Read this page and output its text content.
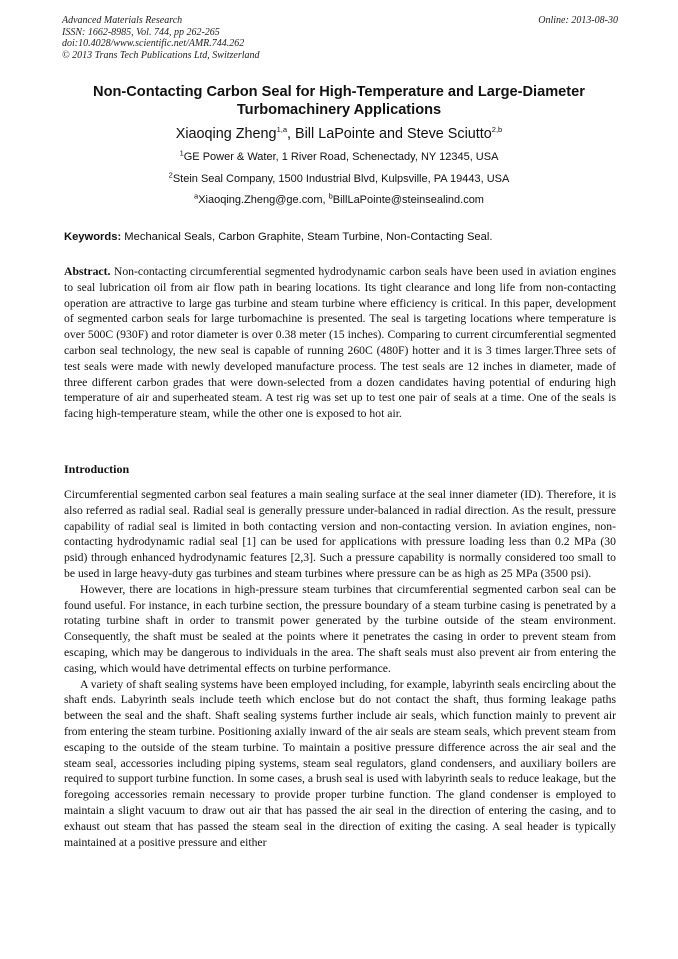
Advanced Materials Research
ISSN: 1662-8985, Vol. 744, pp 262-265
doi:10.4028/www.scientific.net/AMR.744.262
© 2013 Trans Tech Publications Ltd, Switzerland
Online: 2013-08-30
Non-Contacting Carbon Seal for High-Temperature and Large-Diameter Turbomachinery Applications
Xiaoqing Zheng$^{1,a}$, Bill LaPointe and Steve Sciutto$^{2,b}$
$^1$GE Power & Water, 1 River Road, Schenectady, NY 12345, USA
$^2$Stein Seal Company, 1500 Industrial Blvd, Kulpsville, PA 19443, USA
$^a$Xiaoqing.Zheng@ge.com, $^b$BillLaPointe@steinsealind.com
Keywords: Mechanical Seals, Carbon Graphite, Steam Turbine, Non-Contacting Seal.

Abstract. Non-contacting circumferential segmented hydrodynamic carbon seals have been used in aviation engines to seal lubrication oil from air flow path in bearing locations. Its tight clearance and long life from non-contacting operation are attractive to large gas turbine and steam turbine where efficiency is critical. In this paper, development of segmented carbon seals for large turbomachine is presented. The seal is targeting locations where temperature is over 500C (930F) and rotor diameter is over 0.38 meter (15 inches). Comparing to current circumferential segmented carbon seal technology, the new seal is capable of running 260C (480F) hotter and it is 3 times larger.Three sets of test seals were made with newly developed manufacture process. The test seals are 12 inches in diameter, made of three different carbon grades that were down-selected from a dozen candidates having potential of enduring high temperature of air and superheated steam. A test rig was set up to test one pair of seals at a time. One of the seals is facing high-temperature steam, while the other one is exposed to hot air.

Introduction

Circumferential segmented carbon seal features a main sealing surface at the seal inner diameter (ID). Therefore, it is also referred as radial seal. Radial seal is generally pressure under-balanced in radial direction. As the result, pressure capability of radial seal is limited in both contacting version and non-contacting version. In aviation engines, non-contacting hydrodynamic radial seal [1] can be used for applications with pressure loading less than 0.2 MPa (30 psid) through enhanced hydrodynamic features [2,3]. Such a pressure capability is normally considered too small to be used in large heavy-duty gas turbines and steam turbines where pressure can be as high as 25 MPa (3500 psi).

However, there are locations in high-pressure steam turbines that circumferential segmented carbon seal can be found useful. For instance, in each turbine section, the pressure boundary of a steam turbine casing is penetrated by a rotating turbine shaft in order to transmit power generated by the turbine outside of the steam environment. Consequently, the shaft must be sealed at the points where it penetrates the casing in order to prevent steam from escaping, which may be dangerous to individuals in the area. The shaft seals must also prevent air from entering the casing, which would have detrimental effects on turbine performance.

A variety of shaft sealing systems have been employed including, for example, labyrinth seals encircling about the shaft ends. Labyrinth seals include teeth which enclose but do not contact the shaft, thus forming leakage paths between the seal and the shaft. Shaft sealing systems further include air seals, which function mainly to prevent air from entering the steam turbine. Positioning axially inward of the air seals are steam seals, which prevent steam from escaping to the outside of the steam turbine. To maintain a positive pressure difference across the air seal and the steam seal, accessories including piping systems, steam seal regulators, gland condensers, and auxiliary boilers are required to support turbine function. In some cases, a brush seal is used with labyrinth seals to reduce leakage, but the foregoing accessories remain necessary to provide proper turbine function. The gland condenser is employed to maintain a slight vacuum to draw out air that has passed the air seal in the direction of entering the casing, and to exhaust out steam that has passed the steam seal in the direction of exiting the casing. A seal header is typically maintained at a positive pressure and either
